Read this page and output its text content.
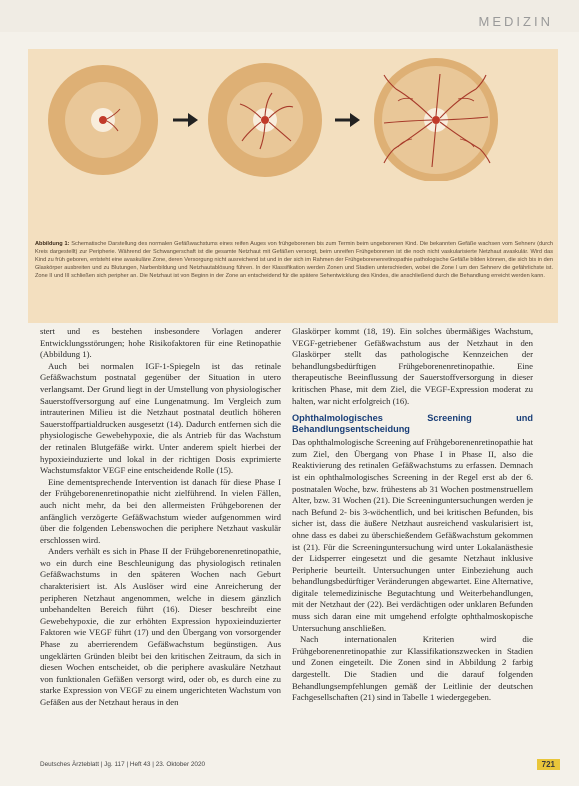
MEDIZIN
Abbildung 1: Schematische Darstellung des normalen Gefäßwachstums eines reifen Auges von frühgeborenen bis zum Termin beim ungeborenen Kind. Die bekannten Gefäße wachsen vom Sehnerv (durch Kreis dargestellt) zur Peripherie. Während der Schwangerschaft ist die gesamte Netzhaut mit Gefäßen versorgt, beim unreifen Frühgeborenen ist die noch nicht vaskularisierte Netzhaut avaskulär. Wird das Kind zu früh geboren, entsteht eine avaskuläre Zone, deren Versorgung nicht ausreichend ist und in der sich im Rahmen der Frühgeborenenretinopathie pathologische Gefäße bilden können, die sich bis in den Glaskörper ausbreiten und zu Blutungen, Narbenbildung und Netzhautablösung führen. In der Klassifikation werden Zonen und Stadien unterschieden, wobei die Zone I um den Sehnerv die gefährlichste ist. Zone II und III schließen sich peripher an. Die Netzhaut ist von Beginn in der Zone an entscheidend für die spätere Sehentwicklung des Kindes, die anschließend durch die Behandlung erreicht werden kann.

stert und es bestehen insbesondere Vorlagen anderer Entwicklungsstörungen; hohe Risikofaktoren für eine Retinopathie (Abbildung 1).

Auch bei normalen IGF-1-Spiegeln ist das retinale Gefäßwachstum postnatal gegenüber der Situation in utero verlangsamt. Der Grund liegt in der Umstellung von physiologischer Sauerstoffversorgung auf eine Lungenatmung. Im Vergleich zum intrauterinen Milieu ist die Netzhaut postnatal deutlich höheren Sauerstoffpartialdrucken ausgesetzt (14). Dadurch entfernen sich die physiologische Gewebehypoxie, die als Antrieb für das Wachstum der retinalen Blutgefäße wirkt. Unter anderem spielt hierbei der hypoxieinduzierte und lokal in der richtigen Dosis exprimierte Wachstumsfaktor VEGF eine entscheidende Rolle (15).

Eine dementsprechende Intervention ist danach für diese Phase I der Frühgeborenenretinopathie nicht zielführend. In vielen Fällen, auch nicht mehr, da bei den allermeisten Frühgeborenen der anfänglich verzögerte Gefäßwachstum wieder aufgenommen wird über die folgenden Lebenswochen die periphere Netzhaut vaskulär erschlossen wird.

Anders verhält es sich in Phase II der Frühgeborenenretinopathie, wo ein durch eine Beschleunigung das physiologisch retinalen Gefäßwachstums in den späteren Wochen nach Geburt charakterisiert ist. Als Auslöser wird eine Anreicherung der peripheren Netzhaut angenommen, welche in diesem gänzlich unbehandelten Bereich führt (16). Dieser beschreibt eine Gewebehypoxie, die zur erhöhten Expression hypoxieinduzierter Faktoren wie VEGF führt (17) und den Übergang von vorsorgender Phase zu aberrierendem Gefäßwachstum begünstigen. Aus ungeklärten Gründen bleibt bei den kritischen Zeitraum, da sich in diesen Wochen entscheidet, ob die periphere avaskuläre Netzhaut von funktionalen Gefäßen versorgt wird, oder ob, es durch eine zu starke Expression von VEGF zu einem ungerichteten Wachstum von Gefäßen aus der Netzhaut heraus in den

Glaskörper kommt (18, 19). Ein solches übermäßiges Wachstum, VEGF-getriebener Gefäßwachstum aus der Netzhaut in den Glaskörper stellt das pathologische Kennzeichen der behandlungsbedürftigen Frühgeborenenretinopathie. Eine therapeutische Beeinflussung der Sauerstoffversorgung in dieser kritischen Phase, mit dem Ziel, die VEGF-Expression moderat zu halten, war nicht erfolgreich (16).

Ophthalmologisches Screening und Behandlungsentscheidung

Das ophthalmologische Screening auf Frühgeborenenretinopathie hat zum Ziel, den Übergang von Phase I in Phase II, also die Reaktivierung des retinalen Gefäßwachstums zu erfassen. Demnach ist ein ophthalmologisches Screening in der Regel erst ab der 6. postnatalen Woche, bzw. frühestens ab 31 Wochen postmenstruellem Alter, bzw. 31 Wochen (21). Die Screeninguntersuchungen werden je nach Befund 2- bis 3-wöchentlich, und bei kritischen Befunden, bis sicher ist, dass die äußere Netzhaut ausreichend vaskularisiert ist, ohne dass es dabei zu überschießendem Gefäßwachstum gekommen ist (21). Für die Screeninguntersuchung wird unter Lokalanästhesie der Lidsperrer eingesetzt und die gesamte Netzhaut inklusive Peripherie beurteilt. Untersuchungen unter Einbeziehung auch behandlungsbedürftiger Veränderungen abgewartet. Eine Alternative, digitale telemedizinische Begutachtung und Weiterbehandlungen, mit der Netzhaut der (22). Bei verdächtigen oder unklaren Befunden muss sich daran eine mit umgehend erfolgte ophthalmoskopische Untersuchung anschließen.

Nach internationalen Kriterien wird die Frühgeborenenretinopathie zur Klassifikationszwecken in Stadien und Zonen eingeteilt. Die Zonen sind in Abbildung 2 farbig dargestellt. Die Stadien und die darauf folgenden Behandlungsempfehlungen gemäß der Leitlinie der deutschen Fachgesellschaften (21) sind in Tabelle 1 wiedergegeben.

Deutsches Ärzteblatt | Jg. 117 | Heft 43 | 23. Oktober 2020	721
